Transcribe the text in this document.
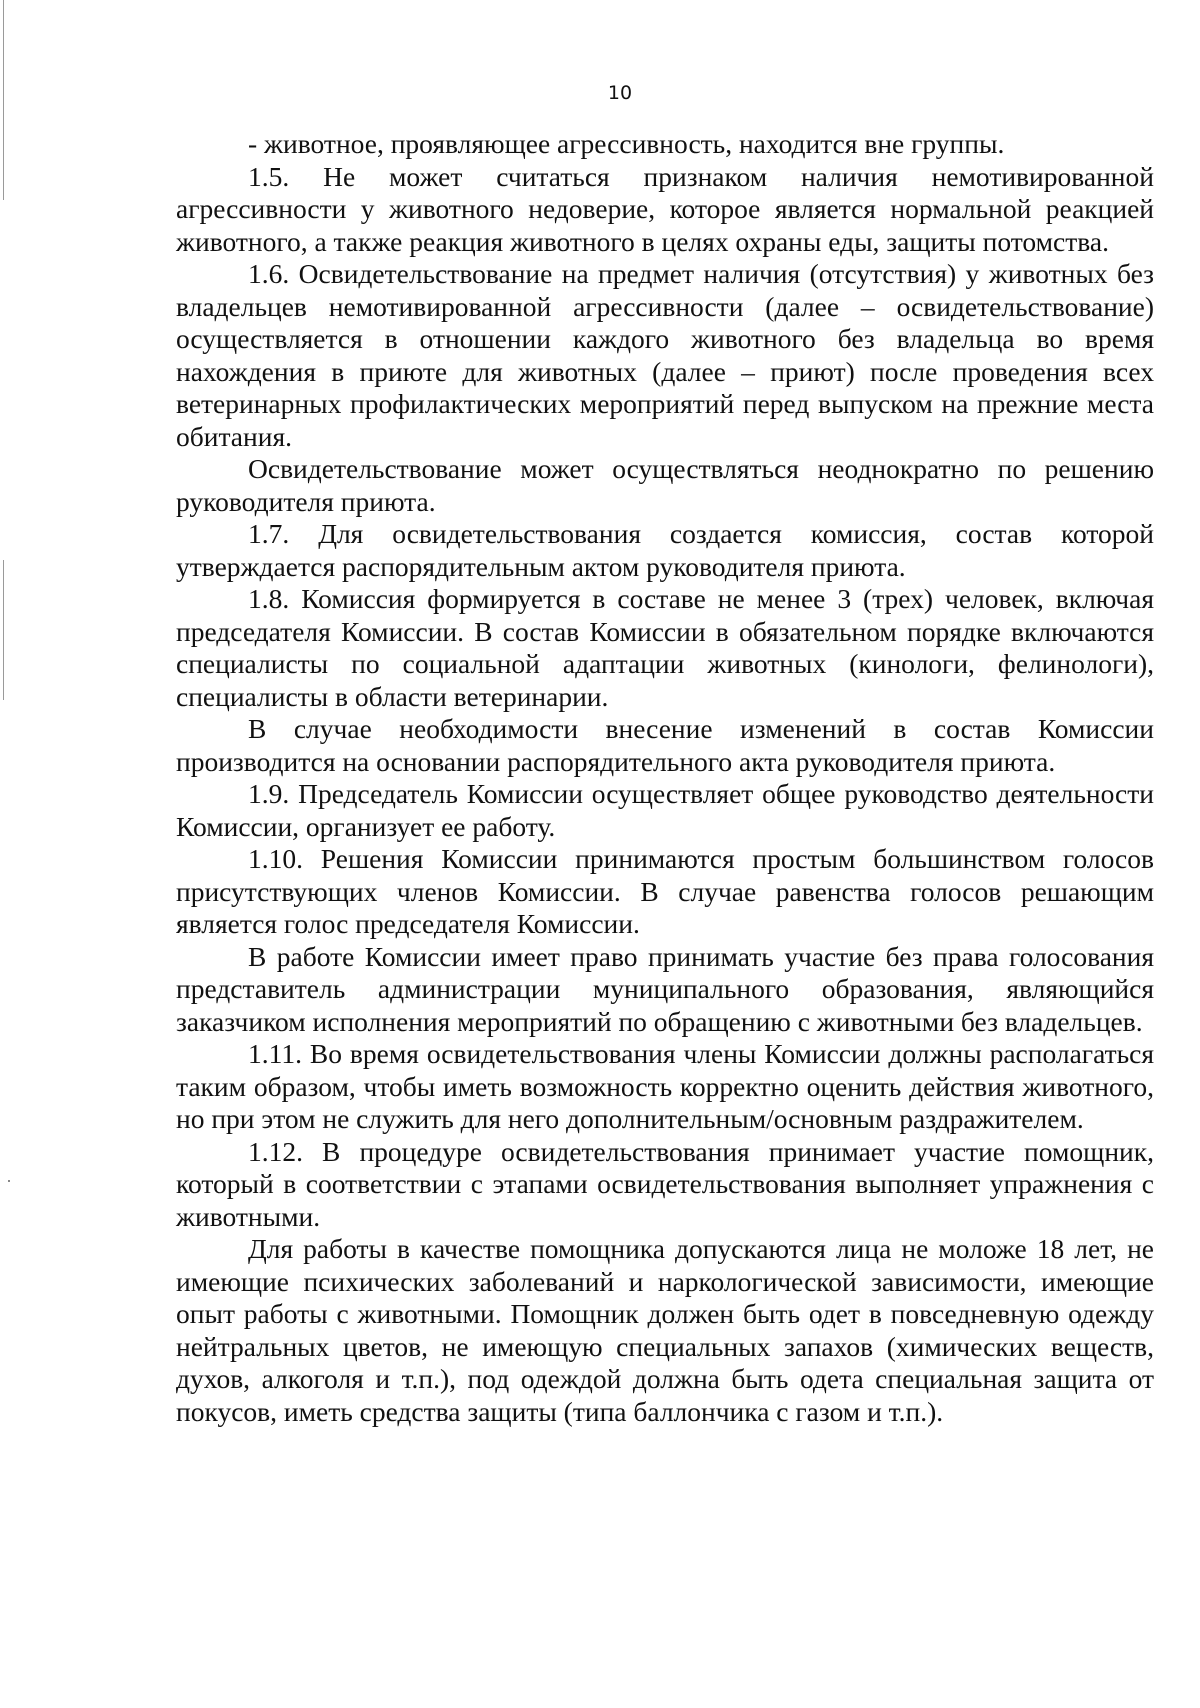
10

- животное, проявляющее агрессивность, находится вне группы.

1.5. Не может считаться признаком наличия немотивированной агрессивности у животного недоверие, которое является нормальной реакцией животного, а также реакция животного в целях охраны еды, защиты потомства.

1.6. Освидетельствование на предмет наличия (отсутствия) у животных без владельцев немотивированной агрессивности (далее – освидетельствование) осуществляется в отношении каждого животного без владельца во время нахождения в приюте для животных (далее – приют) после проведения всех ветеринарных профилактических мероприятий перед выпуском на прежние места обитания.

Освидетельствование может осуществляться неоднократно по решению руководителя приюта.

1.7. Для освидетельствования создается комиссия, состав которой утверждается распорядительным актом руководителя приюта.

1.8. Комиссия формируется в составе не менее 3 (трех) человек, включая председателя Комиссии. В состав Комиссии в обязательном порядке включаются специалисты по социальной адаптации животных (кинологи, фелинологи), специалисты в области ветеринарии.

В случае необходимости внесение изменений в состав Комиссии производится на основании распорядительного акта руководителя приюта.

1.9. Председатель Комиссии осуществляет общее руководство деятельности Комиссии, организует ее работу.

1.10. Решения Комиссии принимаются простым большинством голосов присутствующих членов Комиссии. В случае равенства голосов решающим является голос председателя Комиссии.

В работе Комиссии имеет право принимать участие без права голосования представитель администрации муниципального образования, являющийся заказчиком исполнения мероприятий по обращению с животными без владельцев.

1.11. Во время освидетельствования члены Комиссии должны располагаться таким образом, чтобы иметь возможность корректно оценить действия животного, но при этом не служить для него дополнительным/основным раздражителем.

1.12. В процедуре освидетельствования принимает участие помощник, который в соответствии с этапами освидетельствования выполняет упражнения с животными.

Для работы в качестве помощника допускаются лица не моложе 18 лет, не имеющие психических заболеваний и наркологической зависимости, имеющие опыт работы с животными. Помощник должен быть одет в повседневную одежду нейтральных цветов, не имеющую специальных запахов (химических веществ, духов, алкоголя и т.п.), под одеждой должна быть одета специальная защита от покусов, иметь средства защиты (типа баллончика с газом и т.п.).
